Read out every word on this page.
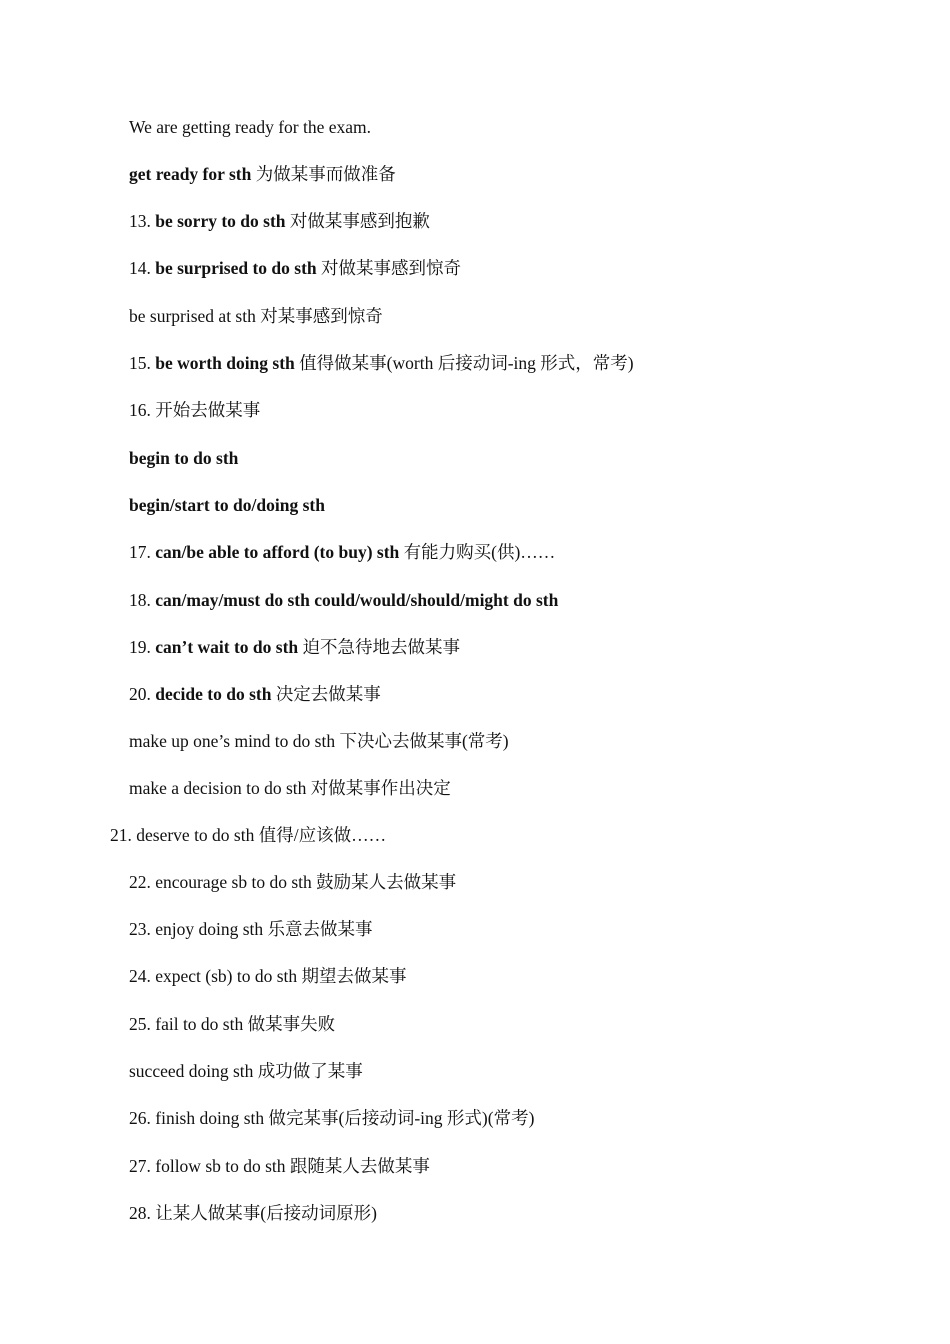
We are getting ready for the exam.
get ready for sth 为做某事而做准备
13. be sorry to do sth 对做某事感到抱歉
14. be surprised to do sth 对做某事感到惊奇
be surprised at sth 对某事感到惊奇
15. be worth doing sth 值得做某事(worth 后接动词-ing 形式，常考)
16. 开始去做某事
begin to do sth
begin/start to do/doing sth
17. can/be able to afford (to buy) sth 有能力购买(供)……
18. can/may/must do sth could/would/should/might do sth
19. can’t wait to do sth 迫不急待地去做某事
20. decide to do sth 决定去做某事
make up one’s mind to do sth 下决心去做某事(常考)
make a decision to do sth 对做某事作出决定
21. deserve to do sth 值得/应该做……
22. encourage sb to do sth 鼓励某人去做某事
23. enjoy doing sth 乐意去做某事
24. expect (sb) to do sth 期望去做某事
25. fail to do sth 做某事失败
succeed doing sth 成功做了某事
26. finish doing sth 做完某事(后接动词-ing 形式)(常考)
27. follow sb to do sth 跟随某人去做某事
28. 让某人做某事(后接动词原形)
